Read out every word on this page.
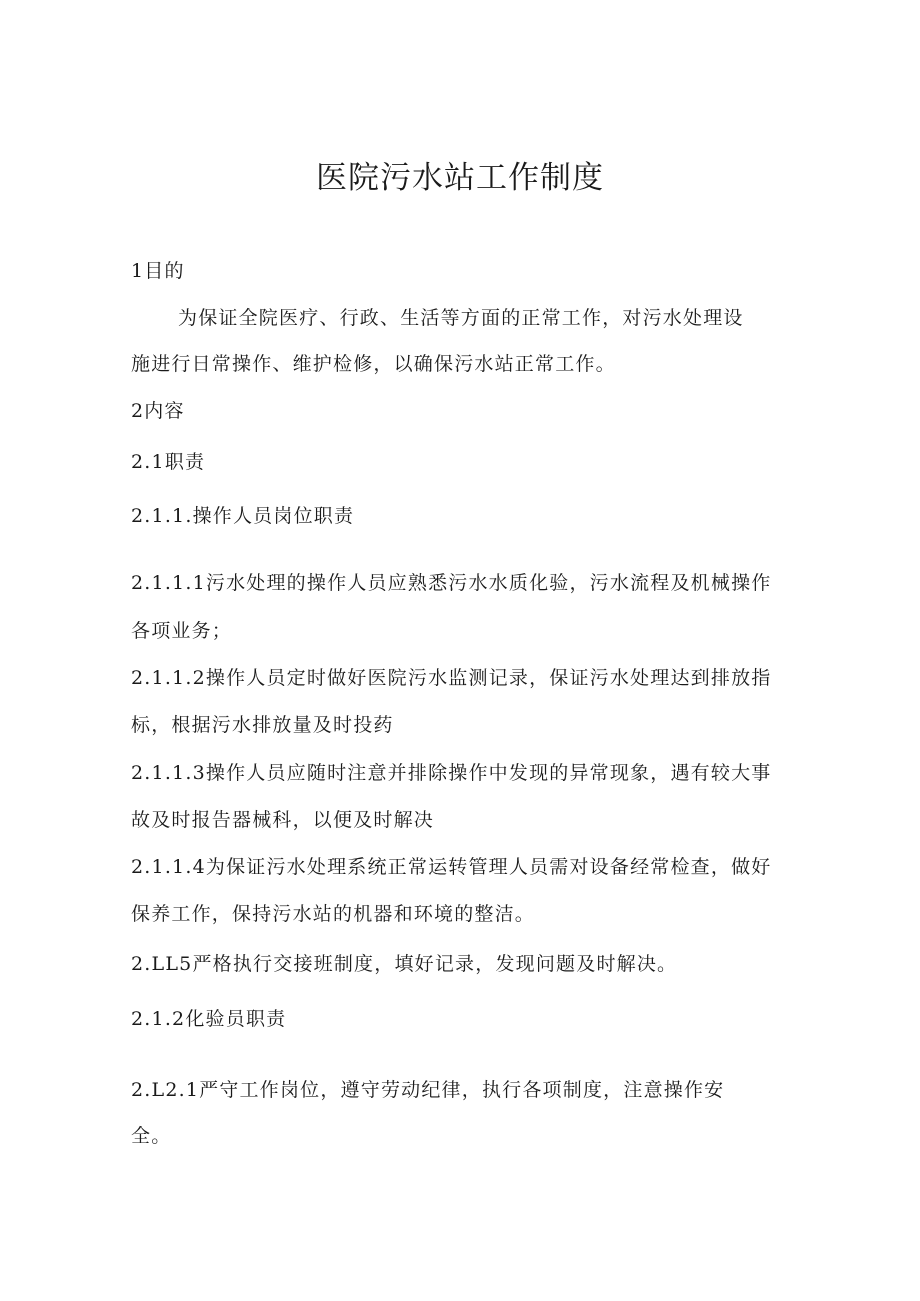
医院污水站工作制度
1目的
为保证全院医疗、行政、生活等方面的正常工作，对污水处理设
施进行日常操作、维护检修，以确保污水站正常工作。
2内容
2.1职责
2.1.1.操作人员岗位职责
2.1.1.1污水处理的操作人员应熟悉污水水质化验，污水流程及机械操作
各项业务；
2.1.1.2操作人员定时做好医院污水监测记录，保证污水处理达到排放指
标，根据污水排放量及时投药
2.1.1.3操作人员应随时注意并排除操作中发现的异常现象，遇有较大事
故及时报告器械科，以便及时解决
2.1.1.4为保证污水处理系统正常运转管理人员需对设备经常检查，做好
保养工作，保持污水站的机器和环境的整洁。
2.LL5严格执行交接班制度，填好记录，发现问题及时解决。
2.1.2化验员职责
2.L2.1严守工作岗位，遵守劳动纪律，执行各项制度，注意操作安
全。
